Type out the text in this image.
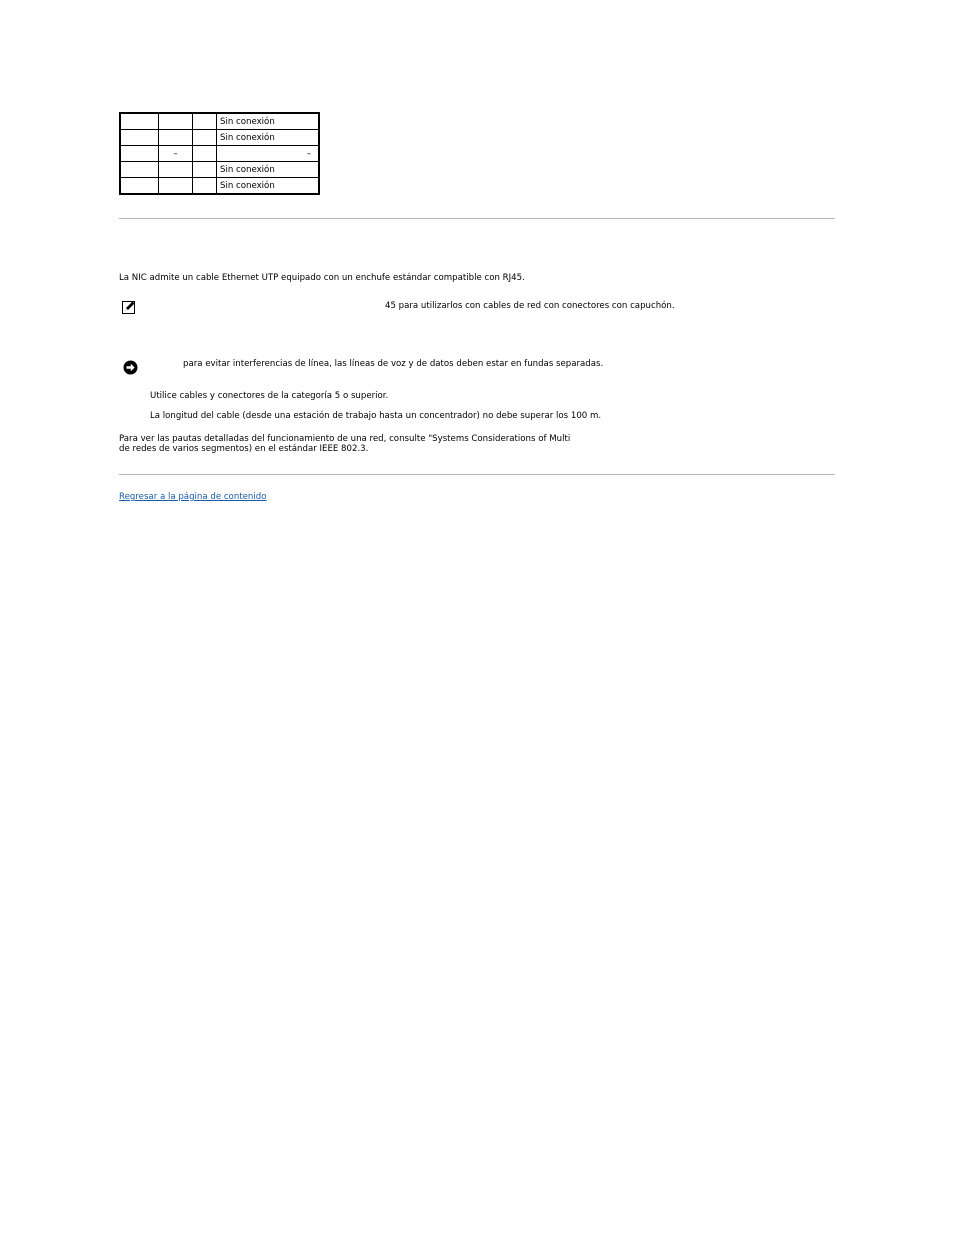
			Sin conexión
			Sin conexión
	–		–

			Sin conexión
			Sin conexión
La NIC admite un cable Ethernet UTP equipado con un enchufe estándar compatible con RJ45.
45 para utilizarlos con cables de red con conectores con capuchón.
para evitar interferencias de línea, las líneas de voz y de datos deben estar en fundas separadas.
Utilice cables y conectores de la categoría 5 o superior.
La longitud del cable (desde una estación de trabajo hasta un concentrador) no debe superar los 100 m.
Para ver las pautas detalladas del funcionamiento de una red, consulte "Systems Considerations of Multi
de redes de varios segmentos) en el estándar IEEE 802.3.
Regresar a la página de contenido
